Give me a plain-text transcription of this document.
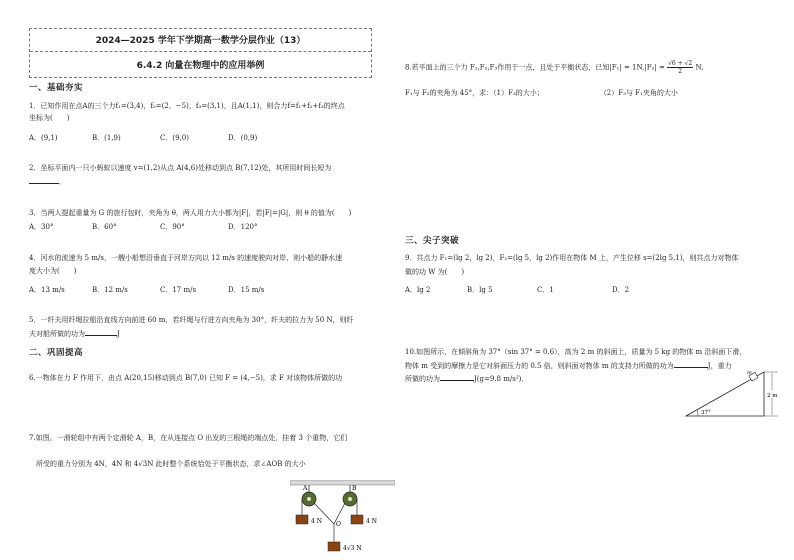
2024—2025 学年下学期高一数学分层作业（13）
6.4.2 向量在物理中的应用举例
一、基础夯实
1．已知作用在点A的三个力f₁=(3,4)，f₂=(2，−5)，f₃=(3,1)，且A(1,1)，则合力f=f₁+f₂+f₃的终点
坐标为(　　)
A．(9,1)	B．(1,9)	C．(9,0)	D．(0,9)
2．坐标平面内一只小蚂蚁以速度 v=(1,2)从点 A(4,6)处移动到点 B(7,12)处，其所用时间长短为
．
3．当两人提起重量为 G 的旅行包时，夹角为 θ，两人用力大小都为|F|，若|F|=|G|，则 θ 的值为(　　)
A．30°	B．60°	C．90°	D．120°
4．河水的流速为 5 m/s，一艘小船想沿垂直于河岸方向以 12 m/s 的速度驶向对岸，则小船的静水速
度大小为(　　)
A．13 m/s	B．12 m/s	C．17 m/s	D．15 m/s
5．一纤夫用纤绳拉船沿直线方向前进 60 m，若纤绳与行进方向夹角为 30°，纤夫的拉力为 50 N，则纤
夫对船所做的功为	J
二、巩固提高
6.一物体在力 F 作用下，由点 A(20,15)移动到点 B(7,0) 已知 F = (4,−5)，求 F 对该物体所做的功
7.如图，一滑轮组中有两个定滑轮 A，B，在从连接点 O 出发的三根绳的端点处，挂着 3 个重物，它们
所受的重力分别为 4N，4N 和 4√3N 此时整个系统恰处于平衡状态，求∠AOB 的大小
A	B
O
4 N	4 N
4√3 N
8.若平面上的三个力 F₁,F₂,F₃作用于一点，且处于平衡状态，已知$|F_1| = 1N,|F_2| = \frac{√6 + √2}{2} N$,
F₁与 F₂的夹角为 45°，求：（1）F₃的大小；	（2）F₃与 F₁夹角的大小
三、尖子突破
9．共点力 F₁=(lg 2，lg 2)，F₂=(lg 5，lg 2)作用在物体 M 上，产生位移 s=(2lg 5,1)，则共点力对物体
做的功 W 为(　　)
A．lg 2	B．lg 5	C．1	D．2
10.如图所示，在倾斜角为 37°（sin 37° = 0.6），高为 2 m 的斜面上，质量为 5 kg 的物体 m 沿斜面下滑，
物体 m 受到的摩擦力是它对斜面压力的 0.5 倍，则斜面对物体 m 的支持力所做的功为	J，重力
所做的功为	J(g=9.8 m/s²)．
2 m
m
37°
